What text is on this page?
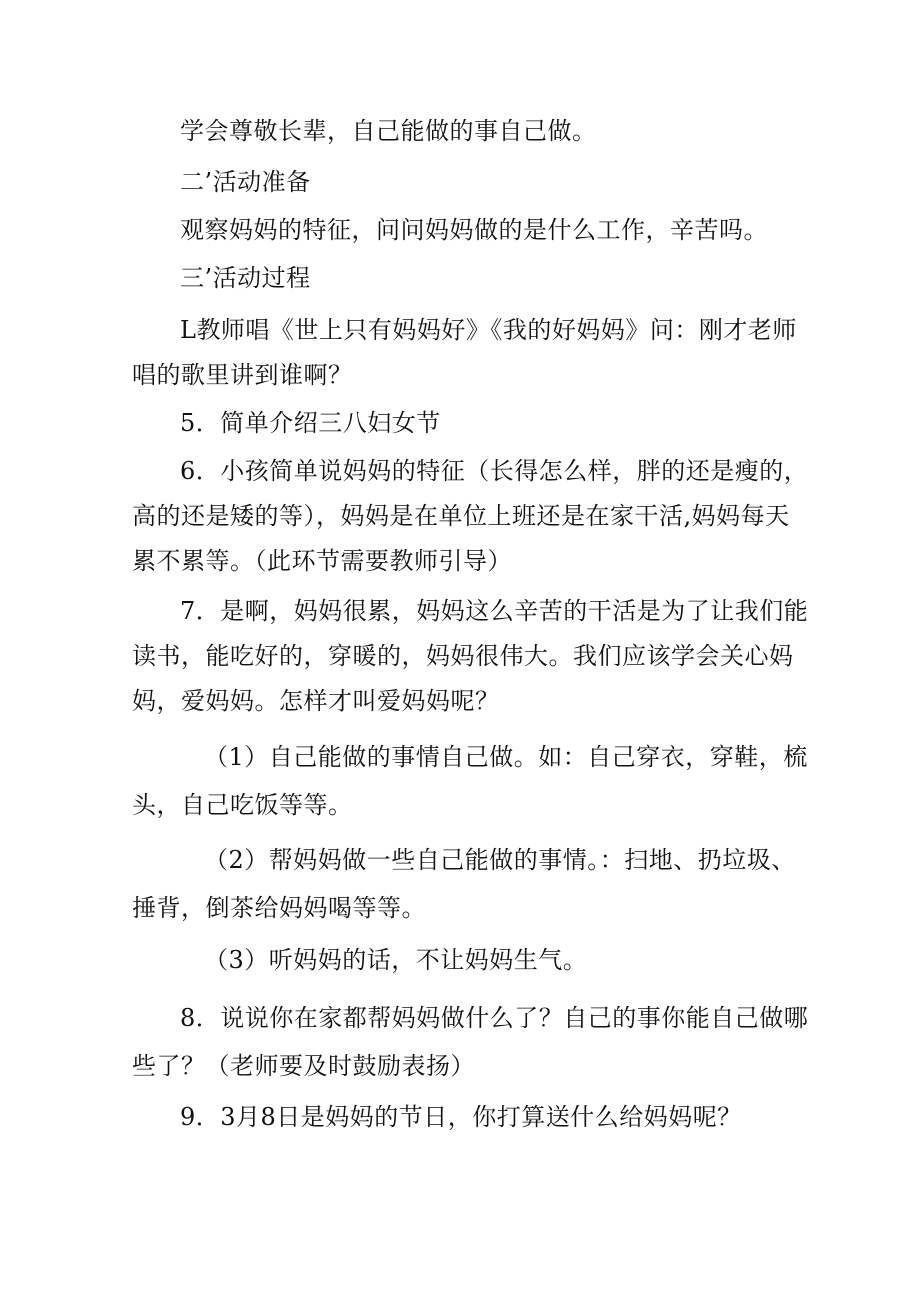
学会尊敬长辈，自己能做的事自己做。
二’活动准备
观察妈妈的特征，问问妈妈做的是什么工作，辛苦吗。
三’活动过程
L教师唱《世上只有妈妈好》《我的好妈妈》问：刚才老师
唱的歌里讲到谁啊？
5．简单介绍三八妇女节
6．小孩简单说妈妈的特征（长得怎么样，胖的还是瘦的，
高的还是矮的等），妈妈是在单位上班还是在家干活,妈妈每天
累不累等。（此环节需要教师引导）
7．是啊，妈妈很累，妈妈这么辛苦的干活是为了让我们能
读书，能吃好的，穿暖的，妈妈很伟大。我们应该学会关心妈
妈，爱妈妈。怎样才叫爱妈妈呢？
（1）自己能做的事情自己做。如：自己穿衣，穿鞋，梳
头，自己吃饭等等。
（2）帮妈妈做一些自己能做的事情。：扫地、扔垃圾、
捶背，倒茶给妈妈喝等等。
（3）听妈妈的话，不让妈妈生气。
8．说说你在家都帮妈妈做什么了？自己的事你能自己做哪
些了？（老师要及时鼓励表扬）
9．3月8日是妈妈的节日，你打算送什么给妈妈呢？
